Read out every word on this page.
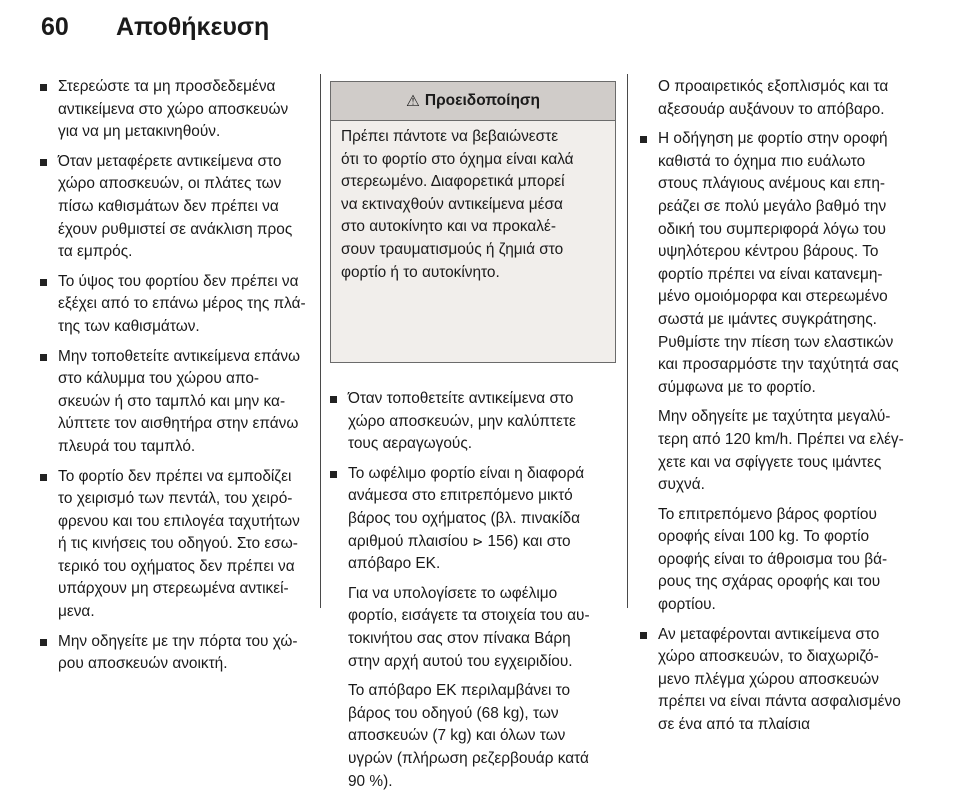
60 Αποθήκευση
Στερεώστε τα μη προσδεδεμένα
αντικείμενα στο χώρο αποσκευών
για να μη μετακινηθούν.
Όταν μεταφέρετε αντικείμενα στο
χώρο αποσκευών, οι πλάτες των
πίσω καθισμάτων δεν πρέπει να
έχουν ρυθμιστεί σε ανάκλιση προς
τα εμπρός.
Το ύψος του φορτίου δεν πρέπει να
εξέχει από το επάνω μέρος της πλά-
της των καθισμάτων.
Μην τοποθετείτε αντικείμενα επάνω
στο κάλυμμα του χώρου απο-
σκευών ή στο ταμπλό και μην κα-
λύπτετε τον αισθητήρα στην επάνω
πλευρά του ταμπλό.
Το φορτίο δεν πρέπει να εμποδίζει
το χειρισμό των πεντάλ, του χειρό-
φρενου και του επιλογέα ταχυτήτων
ή τις κινήσεις του οδηγού. Στο εσω-
τερικό του οχήματος δεν πρέπει να
υπάρχουν μη στερεωμένα αντικεί-
μενα.
Μην οδηγείτε με την πόρτα του χώ-
ρου αποσκευών ανοικτή.
⚠ Προειδοποίηση
Πρέπει πάντοτε να βεβαιώνεστε
ότι το φορτίο στο όχημα είναι καλά
στερεωμένο. Διαφορετικά μπορεί
να εκτιναχθούν αντικείμενα μέσα
στο αυτοκίνητο και να προκαλέ-
σουν τραυματισμούς ή ζημιά στο
φορτίο ή το αυτοκίνητο.
Όταν τοποθετείτε αντικείμενα στο
χώρο αποσκευών, μην καλύπτετε
τους αεραγωγούς.
Το ωφέλιμο φορτίο είναι η διαφορά
ανάμεσα στο επιτρεπόμενο μικτό
βάρος του οχήματος (βλ. πινακίδα
αριθμού πλαισίου ⊳ 156) και στο
απόβαρο ΕΚ.
Για να υπολογίσετε το ωφέλιμο
φορτίο, εισάγετε τα στοιχεία του αυ-
τοκινήτου σας στον πίνακα Βάρη
στην αρχή αυτού του εγχειριδίου.
Το απόβαρο ΕΚ περιλαμβάνει το
βάρος του οδηγού (68 kg), των
αποσκευών (7 kg) και όλων των
υγρών (πλήρωση ρεζερβουάρ κατά
90 %).
Ο προαιρετικός εξοπλισμός και τα
αξεσουάρ αυξάνουν το απόβαρο.
Η οδήγηση με φορτίο στην οροφή
καθιστά το όχημα πιο ευάλωτο
στους πλάγιους ανέμους και επη-
ρεάζει σε πολύ μεγάλο βαθμό την
οδική του συμπεριφορά λόγω του
υψηλότερου κέντρου βάρους. Το
φορτίο πρέπει να είναι κατανεμη-
μένο ομοιόμορφα και στερεωμένο
σωστά με ιμάντες συγκράτησης.
Ρυθμίστε την πίεση των ελαστικών
και προσαρμόστε την ταχύτητά σας
σύμφωνα με το φορτίο.
Μην οδηγείτε με ταχύτητα μεγαλύ-
τερη από 120 km/h. Πρέπει να ελέγ-
χετε και να σφίγγετε τους ιμάντες
συχνά.
Το επιτρεπόμενο βάρος φορτίου
οροφής είναι 100 kg. Το φορτίο
οροφής είναι το άθροισμα του βά-
ρους της σχάρας οροφής και του
φορτίου.
Αν μεταφέρονται αντικείμενα στο
χώρο αποσκευών, το διαχωριζό-
μενο πλέγμα χώρου αποσκευών
πρέπει να είναι πάντα ασφαλισμένο
σε ένα από τα πλαίσια
